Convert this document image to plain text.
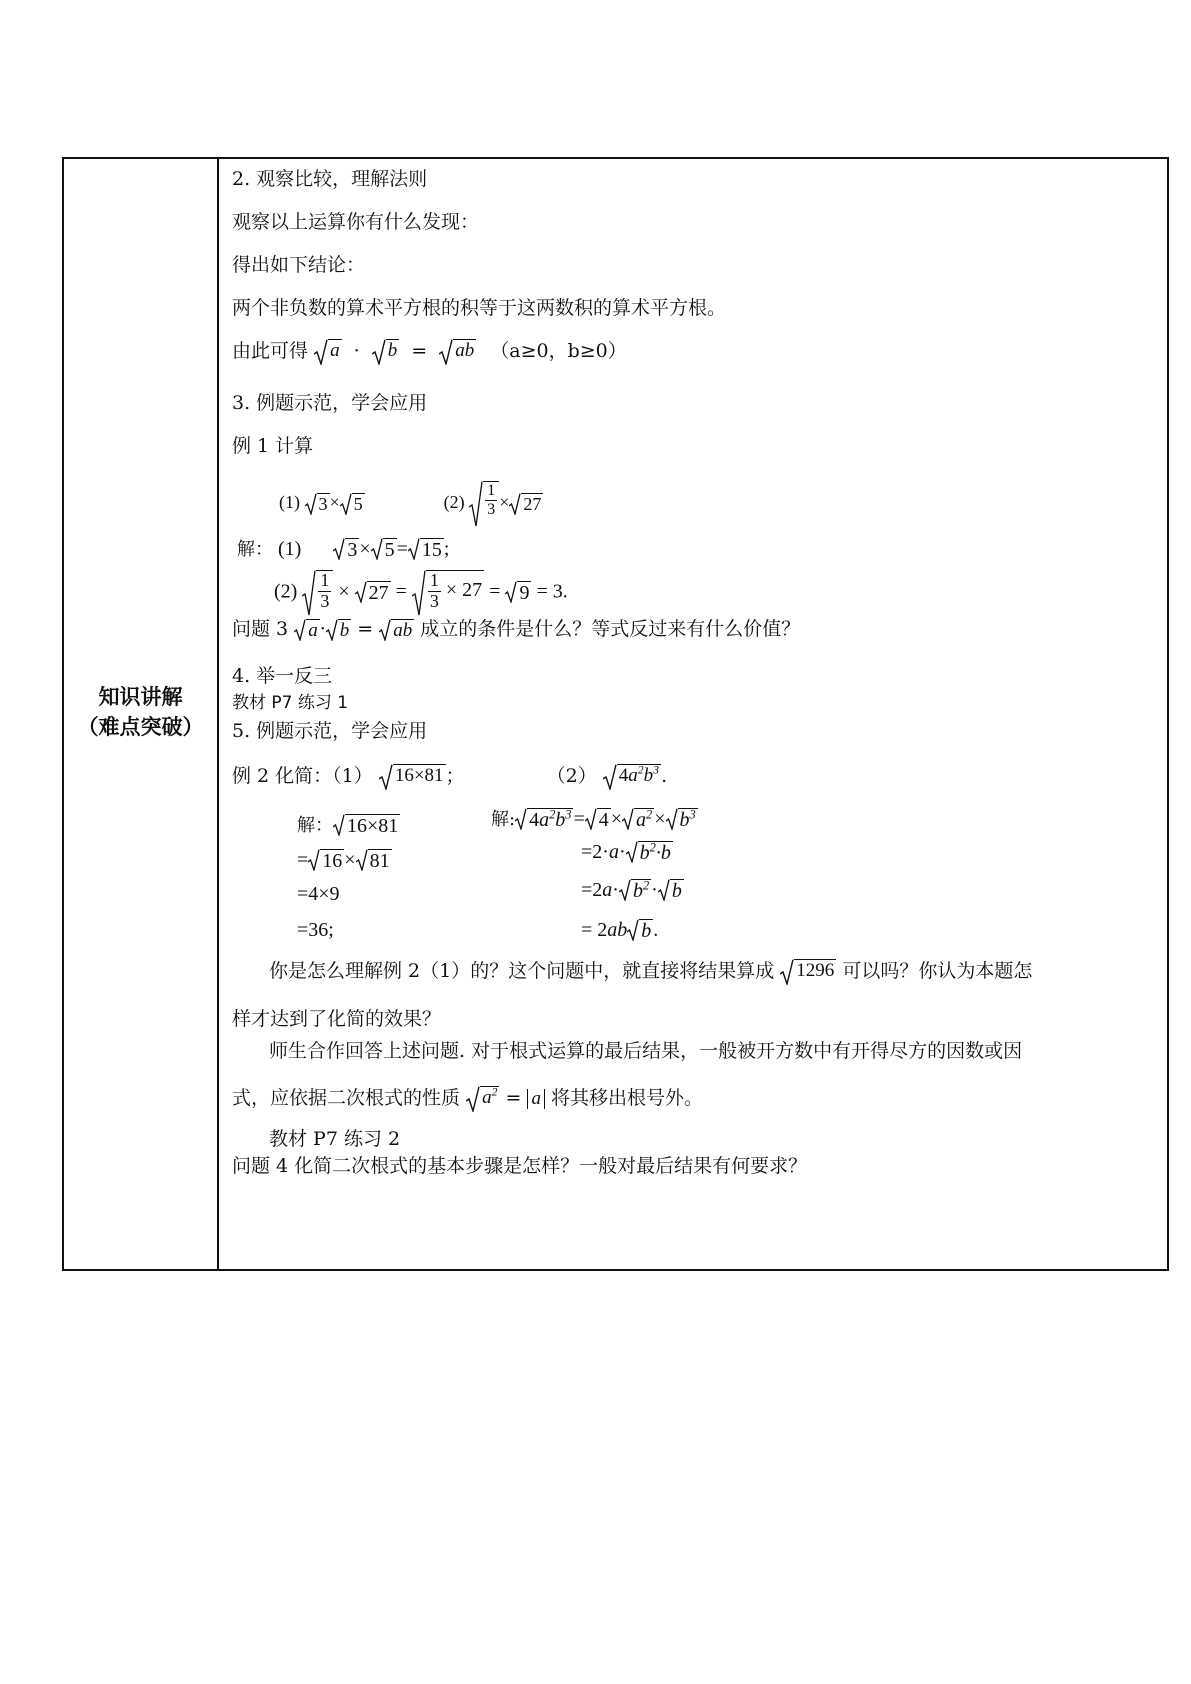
知识讲解
（难点突破）
2. 观察比较，理解法则
观察以上运算你有什么发现：
得出如下结论：
两个非负数的算术平方根的积等于这两数积的算术平方根。
由此可得 a · b = ab （a≥0，b≥0）
3. 例题示范，学会应用
例 1 计算
(1) 3 × 5	$(2) \frac{1}{3} \times 27$
解： (1) 3 × 5 = 15 ;
$(2) \frac{1}{3} \times 27 = \frac{1}{3} \times 27 = 9 = 3$.
问题 3 a · b = ab 成立的条件是什么？等式反过来有什么价值？
4. 举一反三
教材 P7 练习 1
5. 例题示范，学会应用
例 2 化简：（1） 16×81 ；	（2） $4a^2b^3$ .
解： 16×81
= 16 × 81
=4×9
=36;
解: $4a^2b^3 = 4 \times a^2 \times b^3$
$=2\cdot a\cdot b^2\cdot b$
$=2a\cdot b^2 \cdot b$
= 2ab b .
你是怎么理解例 2（1）的？这个问题中，就直接将结果算成 1296 可以吗？你认为本题怎
样才达到了化简的效果？
师生合作回答上述问题. 对于根式运算的最后结果，一般被开方数中有开得尽方的因数或因
式，应依据二次根式的性质 $a^2 = a$ 将其移出根号外。
教材 P7 练习 2
问题 4 化简二次根式的基本步骤是怎样？一般对最后结果有何要求？
